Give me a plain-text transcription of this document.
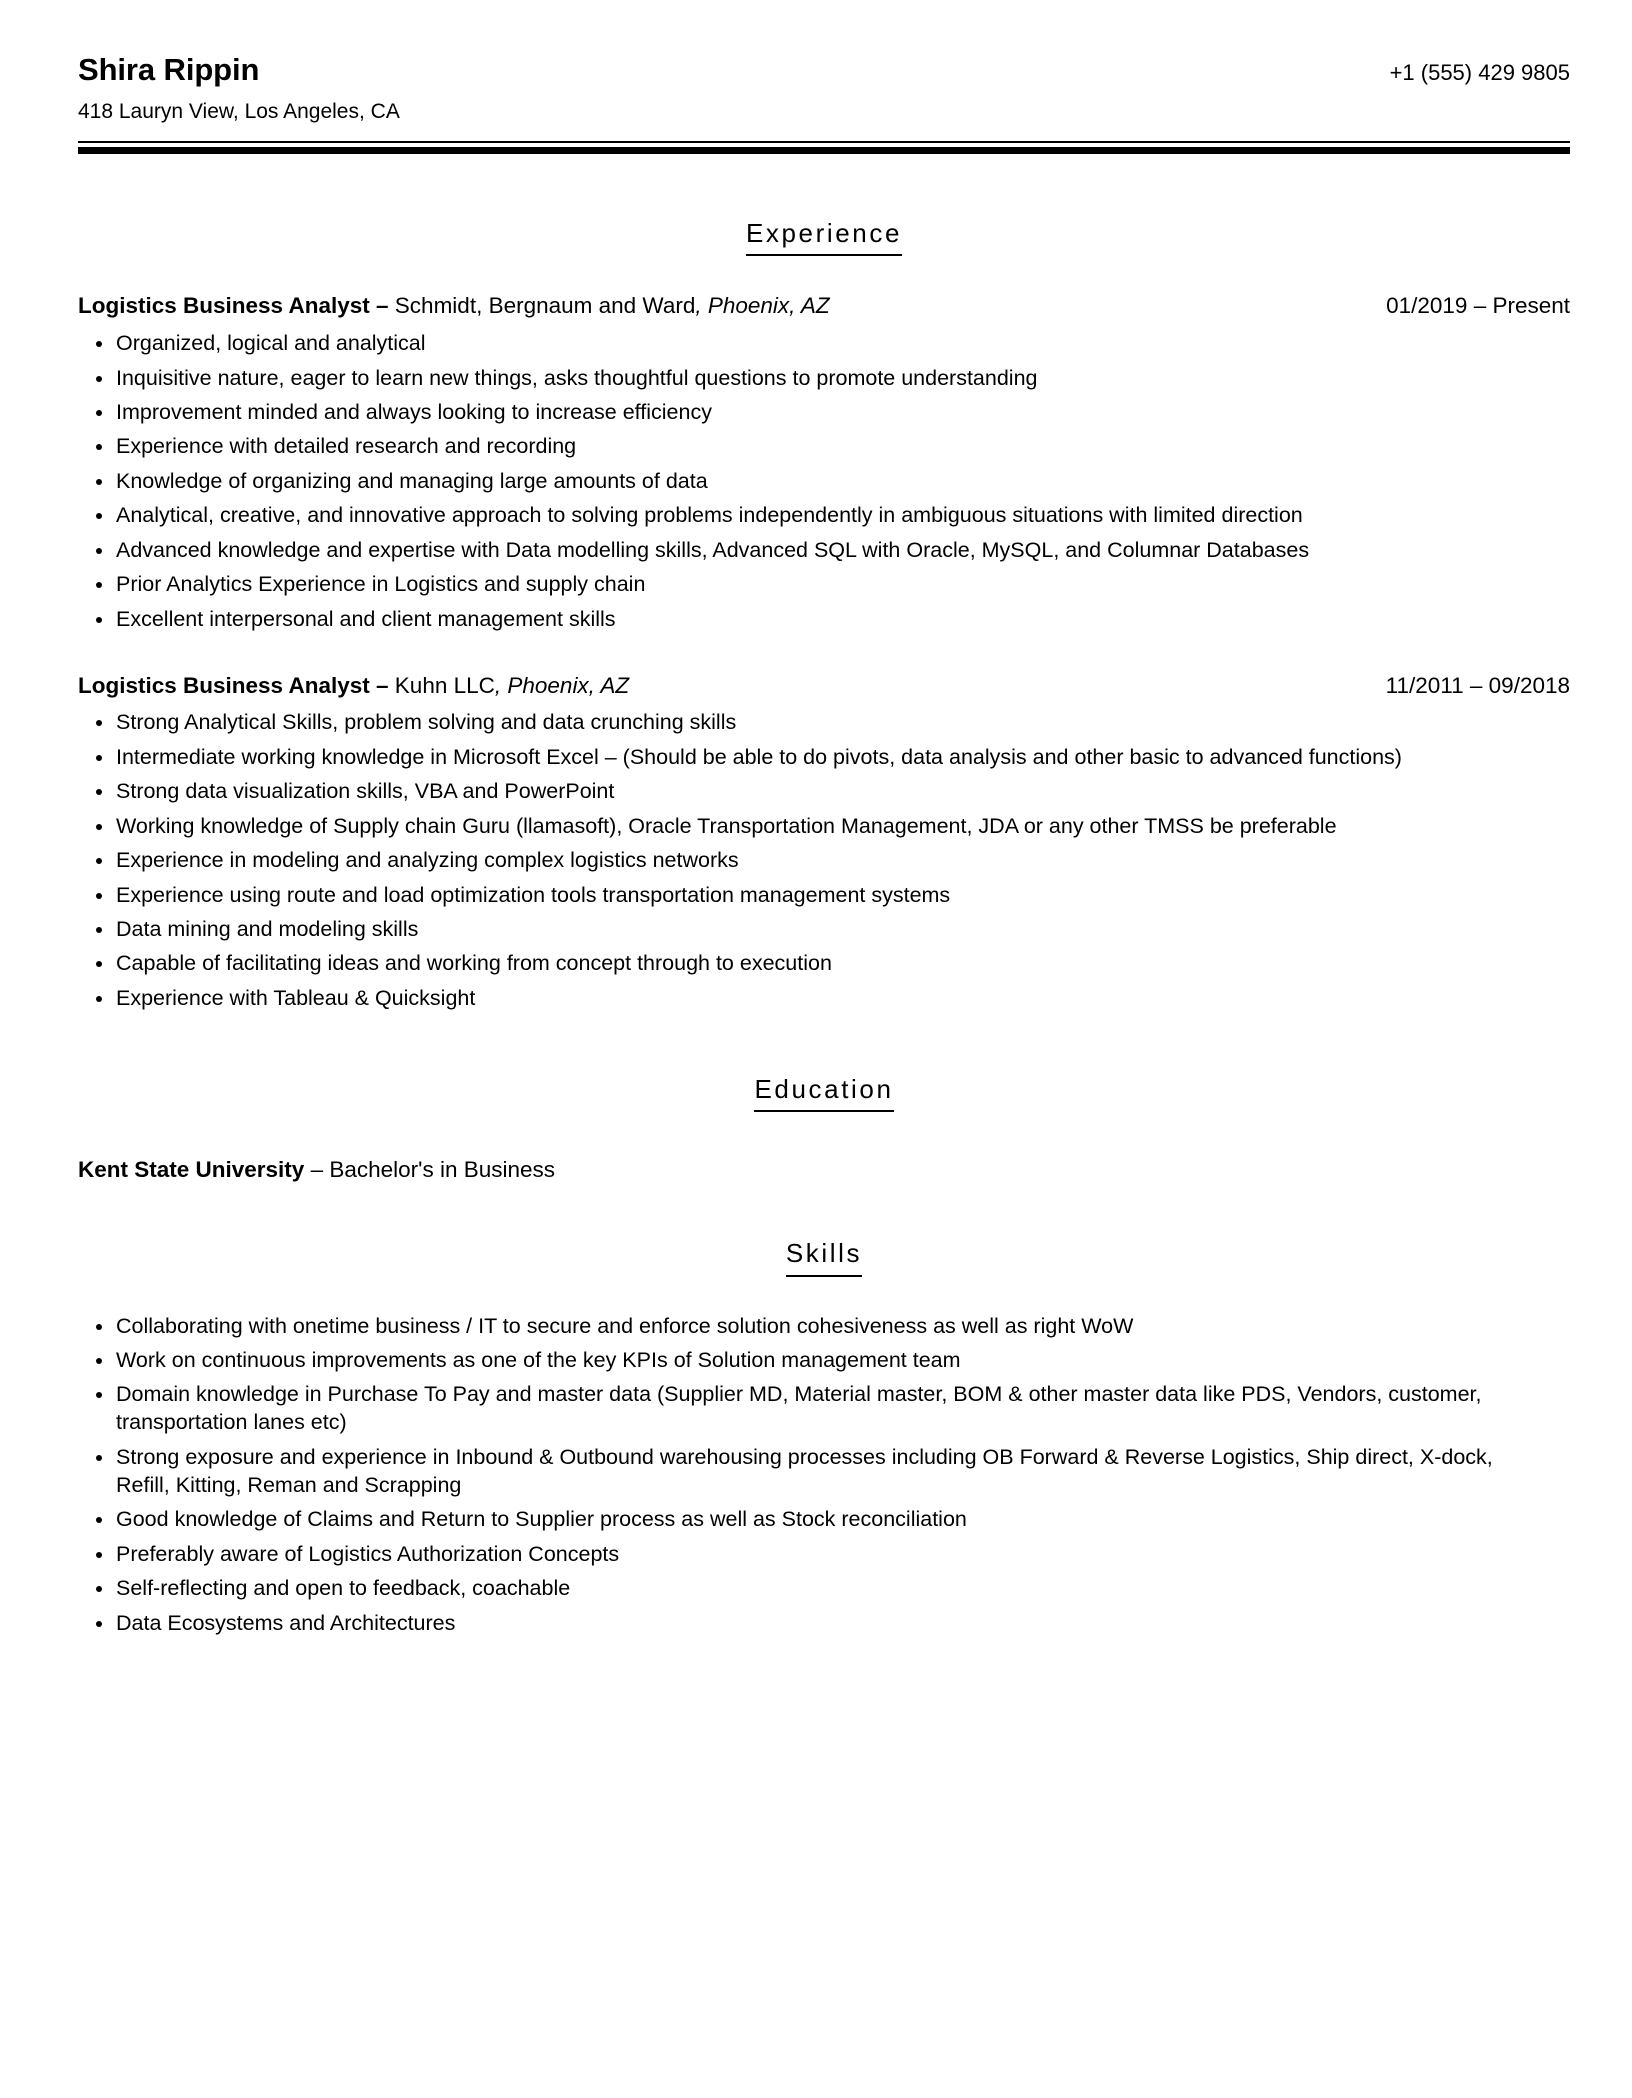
Shira Rippin	+1 (555) 429 9805
418 Lauryn View, Los Angeles, CA
Experience
Logistics Business Analyst – Schmidt, Bergnaum and Ward, Phoenix, AZ	01/2019 – Present
Organized, logical and analytical
Inquisitive nature, eager to learn new things, asks thoughtful questions to promote understanding
Improvement minded and always looking to increase efficiency
Experience with detailed research and recording
Knowledge of organizing and managing large amounts of data
Analytical, creative, and innovative approach to solving problems independently in ambiguous situations with limited direction
Advanced knowledge and expertise with Data modelling skills, Advanced SQL with Oracle, MySQL, and Columnar Databases
Prior Analytics Experience in Logistics and supply chain
Excellent interpersonal and client management skills
Logistics Business Analyst – Kuhn LLC, Phoenix, AZ	11/2011 – 09/2018
Strong Analytical Skills, problem solving and data crunching skills
Intermediate working knowledge in Microsoft Excel – (Should be able to do pivots, data analysis and other basic to advanced functions)
Strong data visualization skills, VBA and PowerPoint
Working knowledge of Supply chain Guru (llamasoft), Oracle Transportation Management, JDA or any other TMSS be preferable
Experience in modeling and analyzing complex logistics networks
Experience using route and load optimization tools transportation management systems
Data mining and modeling skills
Capable of facilitating ideas and working from concept through to execution
Experience with Tableau & Quicksight
Education
Kent State University – Bachelor's in Business
Skills
Collaborating with onetime business / IT to secure and enforce solution cohesiveness as well as right WoW
Work on continuous improvements as one of the key KPIs of Solution management team
Domain knowledge in Purchase To Pay and master data (Supplier MD, Material master, BOM & other master data like PDS, Vendors, customer, transportation lanes etc)
Strong exposure and experience in Inbound & Outbound warehousing processes including OB Forward & Reverse Logistics, Ship direct, X-dock, Refill, Kitting, Reman and Scrapping
Good knowledge of Claims and Return to Supplier process as well as Stock reconciliation
Preferably aware of Logistics Authorization Concepts
Self-reflecting and open to feedback, coachable
Data Ecosystems and Architectures
